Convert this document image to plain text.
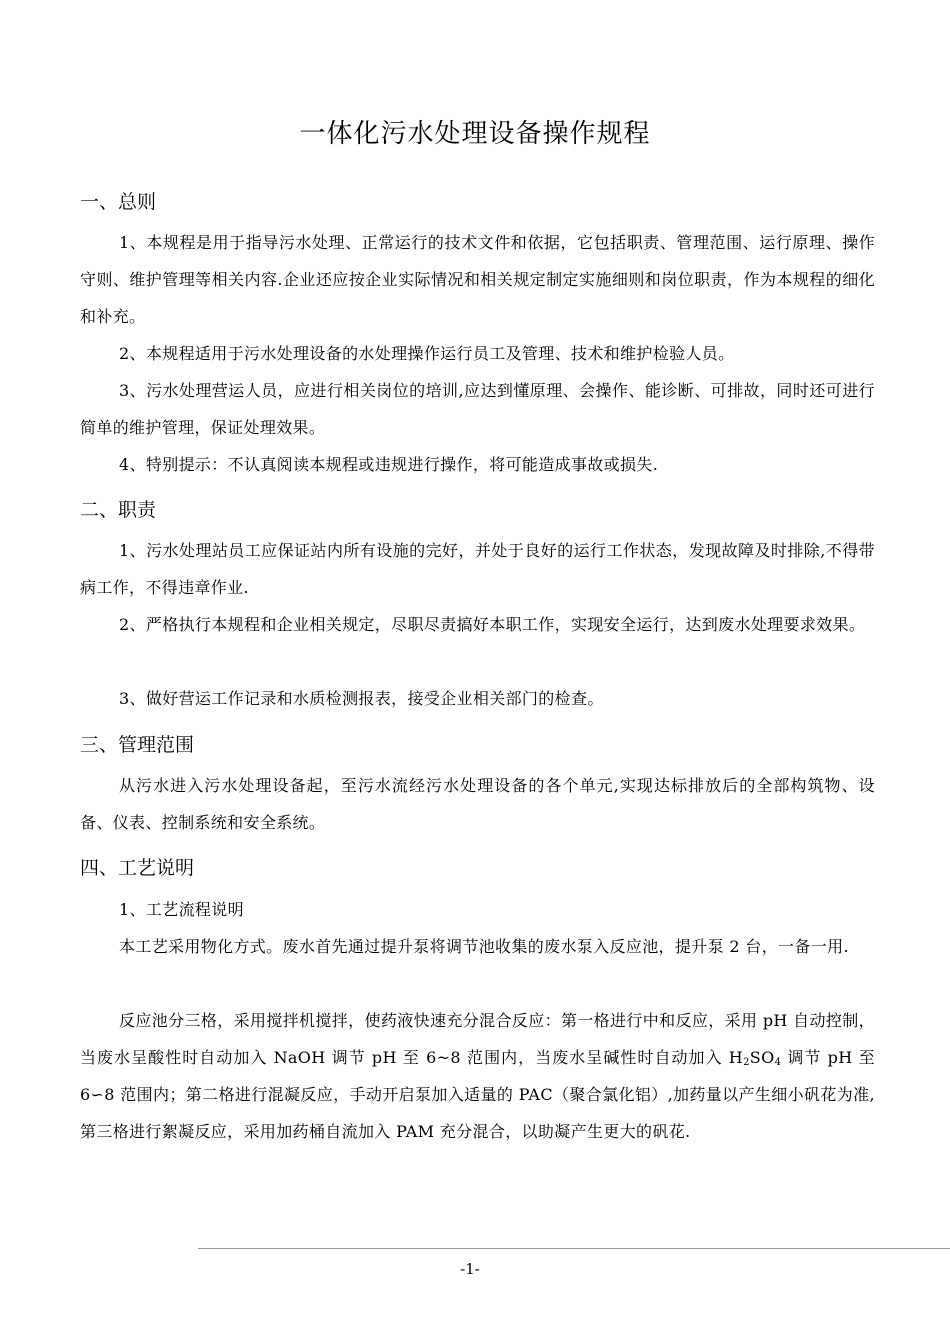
一体化污水处理设备操作规程
一、总则

1、本规程是用于指导污水处理、正常运行的技术文件和依据，它包括职责、管理范围、运行原理、操作守则、维护管理等相关内容.企业还应按企业实际情况和相关规定制定实施细则和岗位职责，作为本规程的细化和补充。

2、本规程适用于污水处理设备的水处理操作运行员工及管理、技术和维护检验人员。

3、污水处理营运人员，应进行相关岗位的培训,应达到懂原理、会操作、能诊断、可排故，同时还可进行简单的维护管理，保证处理效果。

4、特别提示：不认真阅读本规程或违规进行操作，将可能造成事故或损失.

二、职责

1、污水处理站员工应保证站内所有设施的完好，并处于良好的运行工作状态，发现故障及时排除,不得带病工作，不得违章作业.

2、严格执行本规程和企业相关规定，尽职尽责搞好本职工作，实现安全运行，达到废水处理要求效果。

3、做好营运工作记录和水质检测报表，接受企业相关部门的检查。

三、管理范围

从污水进入污水处理设备起，至污水流经污水处理设备的各个单元,实现达标排放后的全部构筑物、设备、仪表、控制系统和安全系统。

四、工艺说明

1、工艺流程说明

本工艺采用物化方式。废水首先通过提升泵将调节池收集的废水泵入反应池，提升泵 2 台，一备一用.

反应池分三格，采用搅拌机搅拌，使药液快速充分混合反应：第一格进行中和反应，采用 pH 自动控制，当废水呈酸性时自动加入 NaOH 调节 pH 至 6~8 范围内，当废水呈碱性时自动加入 $H_2SO_4$ 调节 pH 至 6∽8 范围内；第二格进行混凝反应，手动开启泵加入适量的 PAC（聚合氯化铝）,加药量以产生细小矾花为准,第三格进行絮凝反应，采用加药桶自流加入 PAM 充分混合，以助凝产生更大的矾花.

-1-
